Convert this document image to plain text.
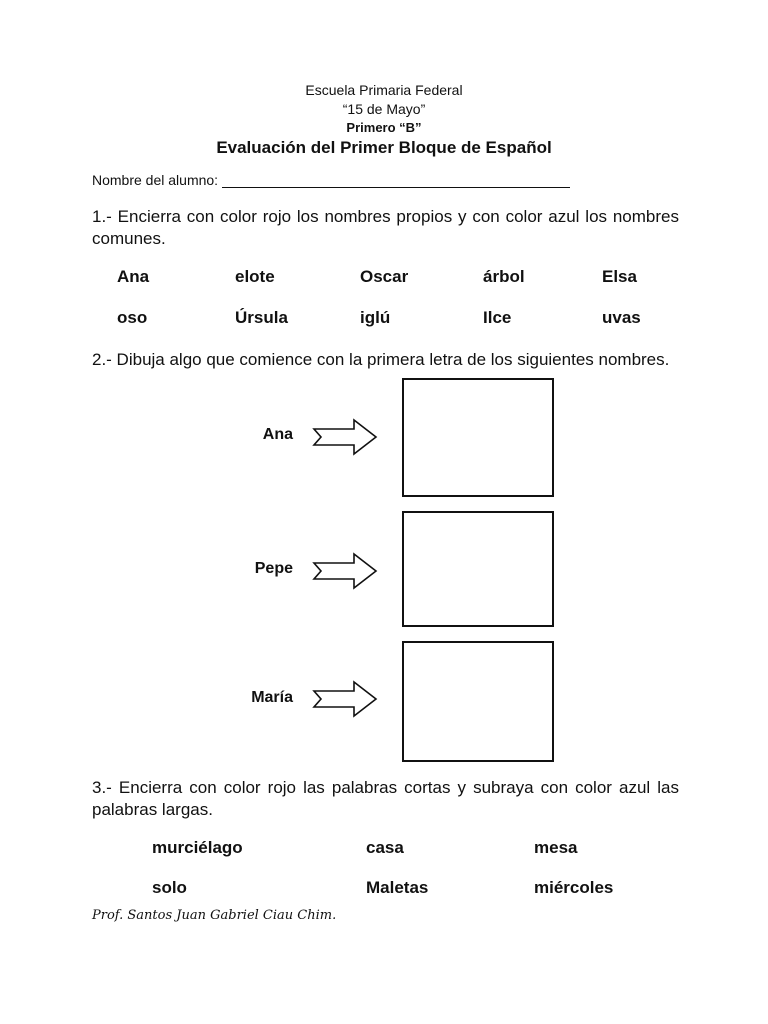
Escuela Primaria Federal
“15 de Mayo”
Primero “B”
Evaluación del Primer Bloque de Español
Nombre del alumno:
1.- Encierra con color rojo los nombres propios y con color azul los nombres comunes.
Ana	elote	Oscar	árbol	Elsa
oso	Úrsula	iglú	Ilce	uvas
2.- Dibuja algo que comience con la primera letra de los siguientes nombres.
Ana
Pepe
María
3.- Encierra con color rojo las palabras cortas y subraya con color azul las palabras largas.
murciélago	casa	mesa
solo	Maletas	miércoles
Prof. Santos Juan Gabriel Ciau Chim.
